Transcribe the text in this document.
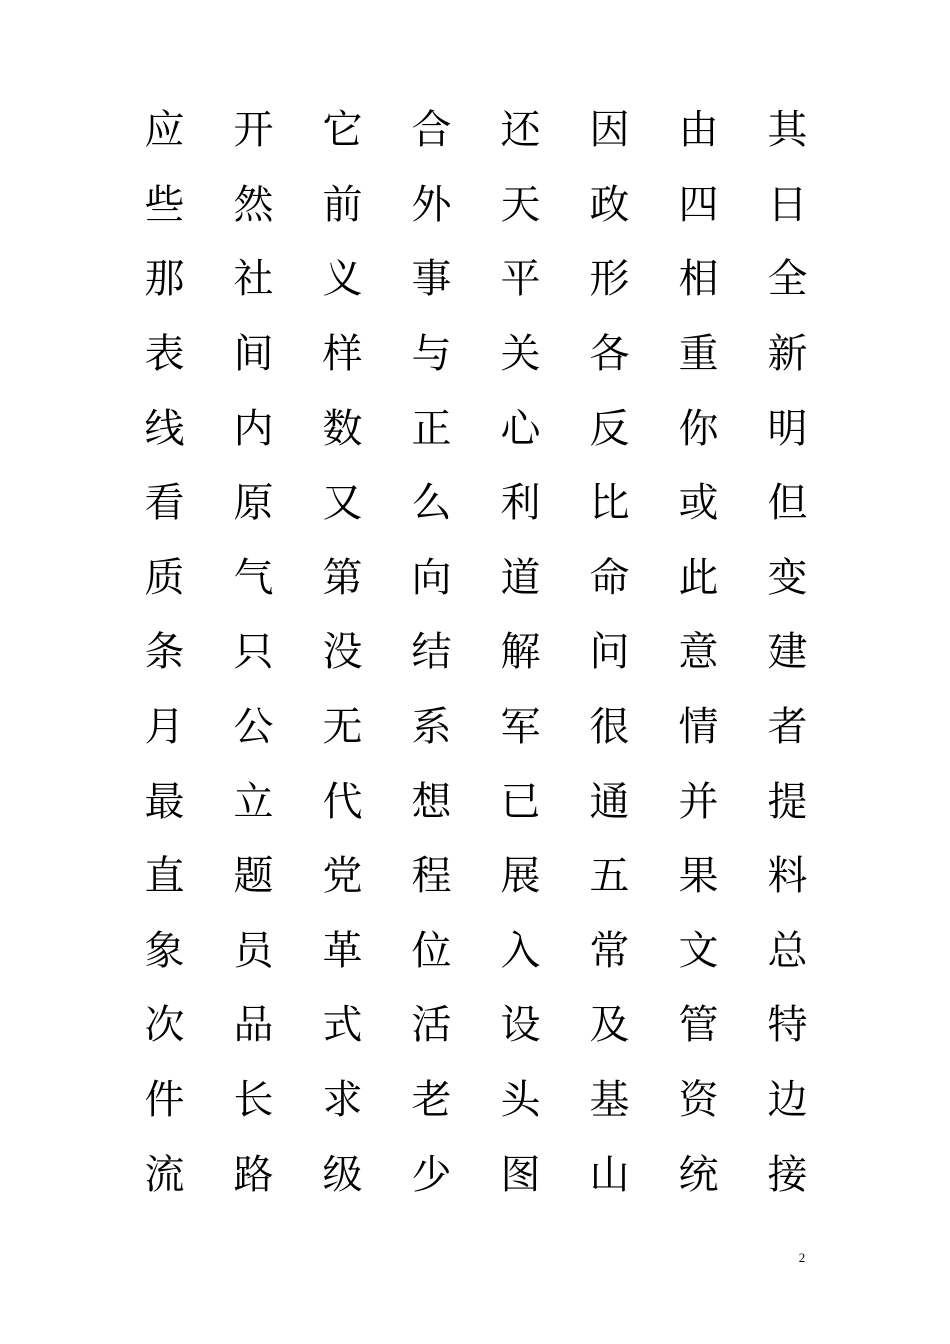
应	开	它	合	还	因	由	其
些	然	前	外	天	政	四	日
那	社	义	事	平	形	相	全
表	间	样	与	关	各	重	新
线	内	数	正	心	反	你	明
看	原	又	么	利	比	或	但
质	气	第	向	道	命	此	变
条	只	没	结	解	问	意	建
月	公	无	系	军	很	情	者
最	立	代	想	已	通	并	提
直	题	党	程	展	五	果	料
象	员	革	位	入	常	文	总
次	品	式	活	设	及	管	特
件	长	求	老	头	基	资	边
流	路	级	少	图	山	统	接
2
